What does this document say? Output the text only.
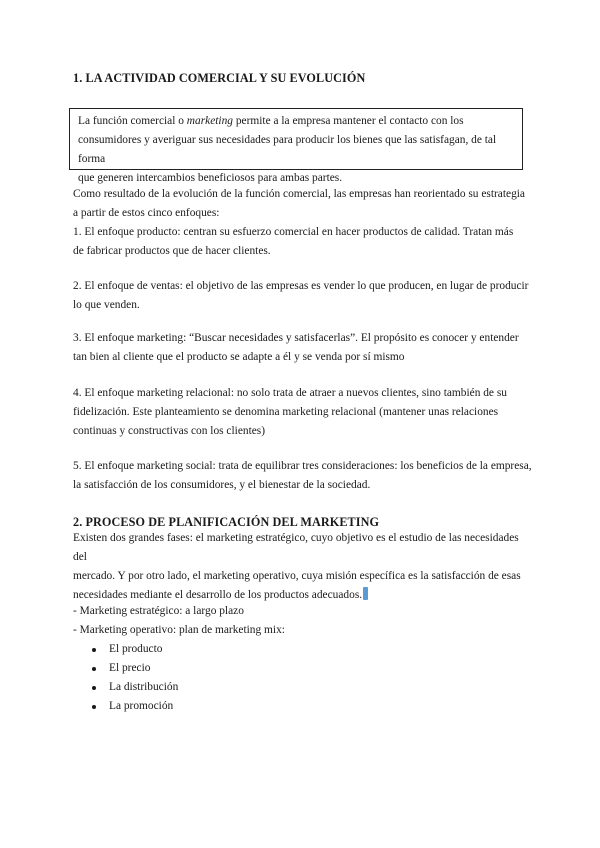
1. LA ACTIVIDAD COMERCIAL Y SU EVOLUCIÓN

La función comercial o marketing permite a la empresa mantener el contacto con los

consumidores y averiguar sus necesidades para producir los bienes que las satisfagan, de tal forma

que generen intercambios beneficiosos para ambas partes.

Como resultado de la evolución de la función comercial, las empresas han reorientado su estrategia

a partir de estos cinco enfoques:

1. El enfoque producto: centran su esfuerzo comercial en hacer productos de calidad. Tratan más

de fabricar productos que de hacer clientes.

2. El enfoque de ventas: el objetivo de las empresas es vender lo que producen, en lugar de producir

lo que venden.

3. El enfoque marketing: “Buscar necesidades y satisfacerlas”. El propósito es conocer y entender

tan bien al cliente que el producto se adapte a él y se venda por sí mismo

4. El enfoque marketing relacional: no solo trata de atraer a nuevos clientes, sino también de su

fidelización. Este planteamiento se denomina marketing relacional (mantener unas relaciones

continuas y constructivas con los clientes)

5. El enfoque marketing social: trata de equilibrar tres consideraciones: los beneficios de la empresa,

la satisfacción de los consumidores, y el bienestar de la sociedad.

2. PROCESO DE PLANIFICACIÓN DEL MARKETING

Existen dos grandes fases: el marketing estratégico, cuyo objetivo es el estudio de las necesidades del

mercado. Y por otro lado, el marketing operativo, cuya misión específica es la satisfacción de esas

necesidades mediante el desarrollo de los productos adecuados.

- Marketing estratégico: a largo plazo

- Marketing operativo: plan de marketing mix:

El producto
El precio
La distribución
La promoción
